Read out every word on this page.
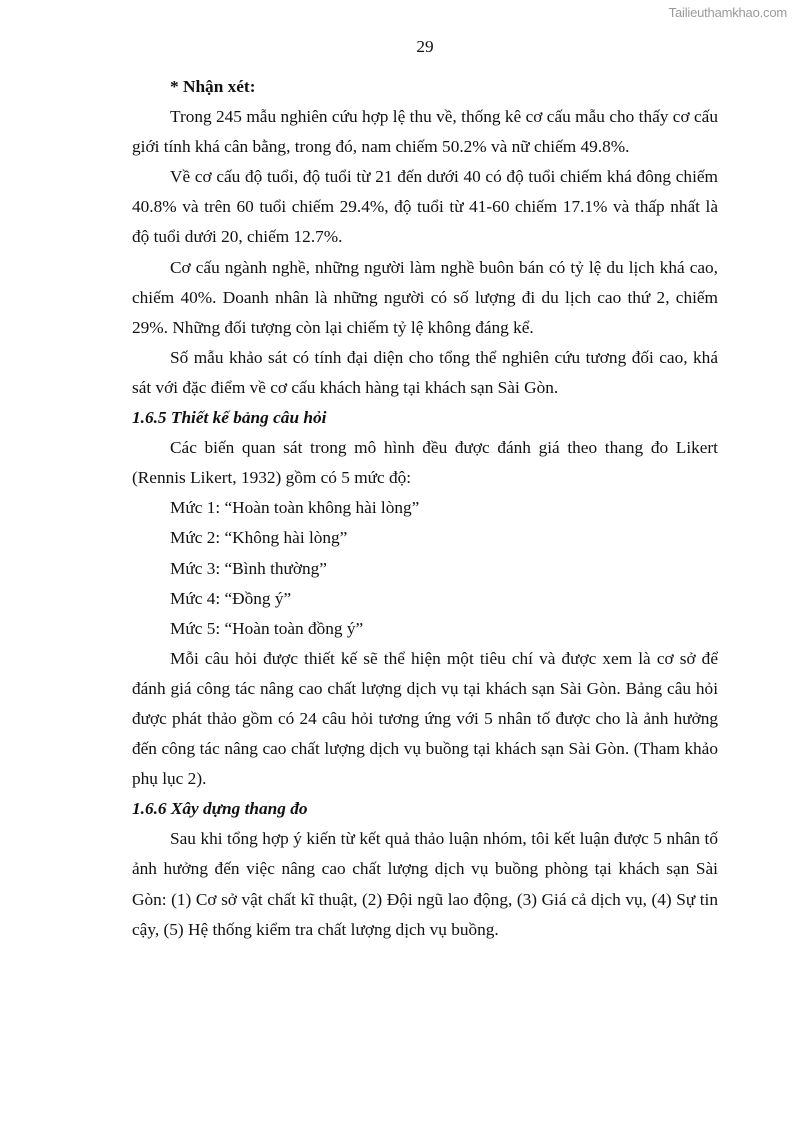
Tailieuthamkhao.com
29

* Nhận xét:

Trong 245 mẫu nghiên cứu hợp lệ thu về, thống kê cơ cấu mẫu cho thấy cơ cấu giới tính khá cân bằng, trong đó, nam chiếm 50.2% và nữ chiếm 49.8%.

Về cơ cấu độ tuổi, độ tuổi từ 21 đến dưới 40 có độ tuổi chiếm khá đông chiếm 40.8% và trên 60 tuổi chiếm 29.4%, độ tuổi từ 41-60 chiếm 17.1% và thấp nhất là độ tuổi dưới 20, chiếm 12.7%.

Cơ cấu ngành nghề, những người làm nghề buôn bán có tỷ lệ du lịch khá cao, chiếm 40%. Doanh nhân là những người có số lượng đi du lịch cao thứ 2, chiếm 29%. Những đối tượng còn lại chiếm tỷ lệ không đáng kể.

Số mẫu khảo sát có tính đại diện cho tổng thể nghiên cứu tương đối cao, khá sát với đặc điểm về cơ cấu khách hàng tại khách sạn Sài Gòn.

1.6.5 Thiết kế bảng câu hỏi

Các biến quan sát trong mô hình đều được đánh giá theo thang đo Likert (Rennis Likert, 1932) gồm có 5 mức độ:

Mức 1: “Hoàn toàn không hài lòng”

Mức 2: “Không hài lòng”

Mức 3: “Bình thường”

Mức 4: “Đồng ý”

Mức 5: “Hoàn toàn đồng ý”

Mỗi câu hỏi được thiết kế sẽ thể hiện một tiêu chí và được xem là cơ sở để đánh giá công tác nâng cao chất lượng dịch vụ tại khách sạn Sài Gòn. Bảng câu hỏi được phát thảo gồm có 24 câu hỏi tương ứng với 5 nhân tố được cho là ảnh hưởng đến công tác nâng cao chất lượng dịch vụ buồng tại khách sạn Sài Gòn. (Tham khảo phụ lục 2).

1.6.6 Xây dựng thang đo

Sau khi tổng hợp ý kiến từ kết quả thảo luận nhóm, tôi kết luận được 5 nhân tố ảnh hưởng đến việc nâng cao chất lượng dịch vụ buồng phòng tại khách sạn Sài Gòn: (1) Cơ sở vật chất kĩ thuật, (2) Đội ngũ lao động, (3) Giá cả dịch vụ, (4) Sự tin cậy, (5) Hệ thống kiểm tra chất lượng dịch vụ buồng.
